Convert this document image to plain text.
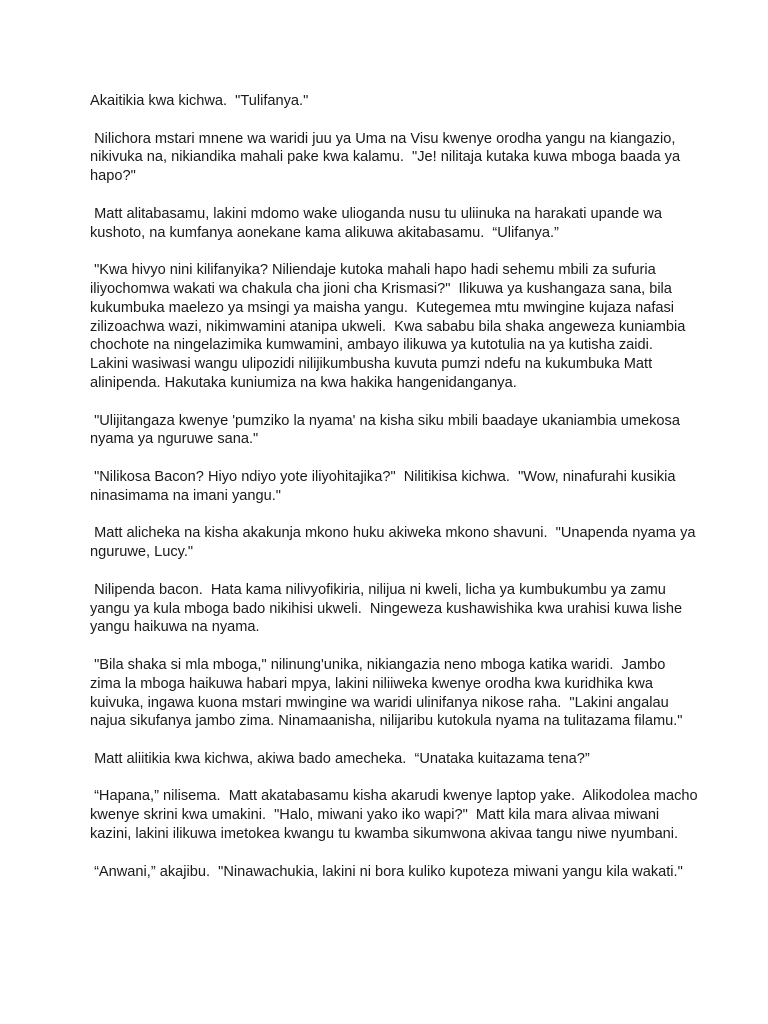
Akaitikia kwa kichwa.  "Tulifanya."

Nilichora mstari mnene wa waridi juu ya Uma na Visu kwenye orodha yangu na kiangazio, nikivuka na, nikiandika mahali pake kwa kalamu.  "Je! nilitaja kutaka kuwa mboga baada ya hapo?"

Matt alitabasamu, lakini mdomo wake ulioganda nusu tu uliinuka na harakati upande wa kushoto, na kumfanya aonekane kama alikuwa akitabasamu.  “Ulifanya.”

"Kwa hivyo nini kilifanyika? Niliendaje kutoka mahali hapo hadi sehemu mbili za sufuria iliyochomwa wakati wa chakula cha jioni cha Krismasi?"  Ilikuwa ya kushangaza sana, bila kukumbuka maelezo ya msingi ya maisha yangu.  Kutegemea mtu mwingine kujaza nafasi zilizoachwa wazi, nikimwamini atanipa ukweli.  Kwa sababu bila shaka angeweza kuniambia chochote na ningelazimika kumwamini, ambayo ilikuwa ya kutotulia na ya kutisha zaidi.  Lakini wasiwasi wangu ulipozidi nilijikumbusha kuvuta pumzi ndefu na kukumbuka Matt alinipenda. Hakutaka kuniumiza na kwa hakika hangenidanganya.

"Ulijitangaza kwenye 'pumziko la nyama' na kisha siku mbili baadaye ukaniambia umekosa nyama ya nguruwe sana."

"Nilikosa Bacon? Hiyo ndiyo yote iliyohitajika?"  Nilitikisa kichwa.  "Wow, ninafurahi kusikia ninasimama na imani yangu."

Matt alicheka na kisha akakunja mkono huku akiweka mkono shavuni.  "Unapenda nyama ya nguruwe, Lucy."

Nilipenda bacon.  Hata kama nilivyofikiria, nilijua ni kweli, licha ya kumbukumbu ya zamu yangu ya kula mboga bado nikihisi ukweli.  Ningeweza kushawishika kwa urahisi kuwa lishe yangu haikuwa na nyama.

"Bila shaka si mla mboga," nilinung'unika, nikiangazia neno mboga katika waridi.  Jambo zima la mboga haikuwa habari mpya, lakini niliiweka kwenye orodha kwa kuridhika kwa kuivuka, ingawa kuona mstari mwingine wa waridi ulinifanya nikose raha.  "Lakini angalau najua sikufanya jambo zima. Ninamaanisha, nilijaribu kutokula nyama na tulitazama filamu."

Matt aliitikia kwa kichwa, akiwa bado amecheka.  “Unataka kuitazama tena?”

“Hapana,” nilisema.  Matt akatabasamu kisha akarudi kwenye laptop yake.  Alikodolea macho kwenye skrini kwa umakini.  "Halo, miwani yako iko wapi?"  Matt kila mara alivaa miwani kazini, lakini ilikuwa imetokea kwangu tu kwamba sikumwona akivaa tangu niwe nyumbani.

“Anwani,” akajibu.  "Ninawachukia, lakini ni bora kuliko kupoteza miwani yangu kila wakati."
